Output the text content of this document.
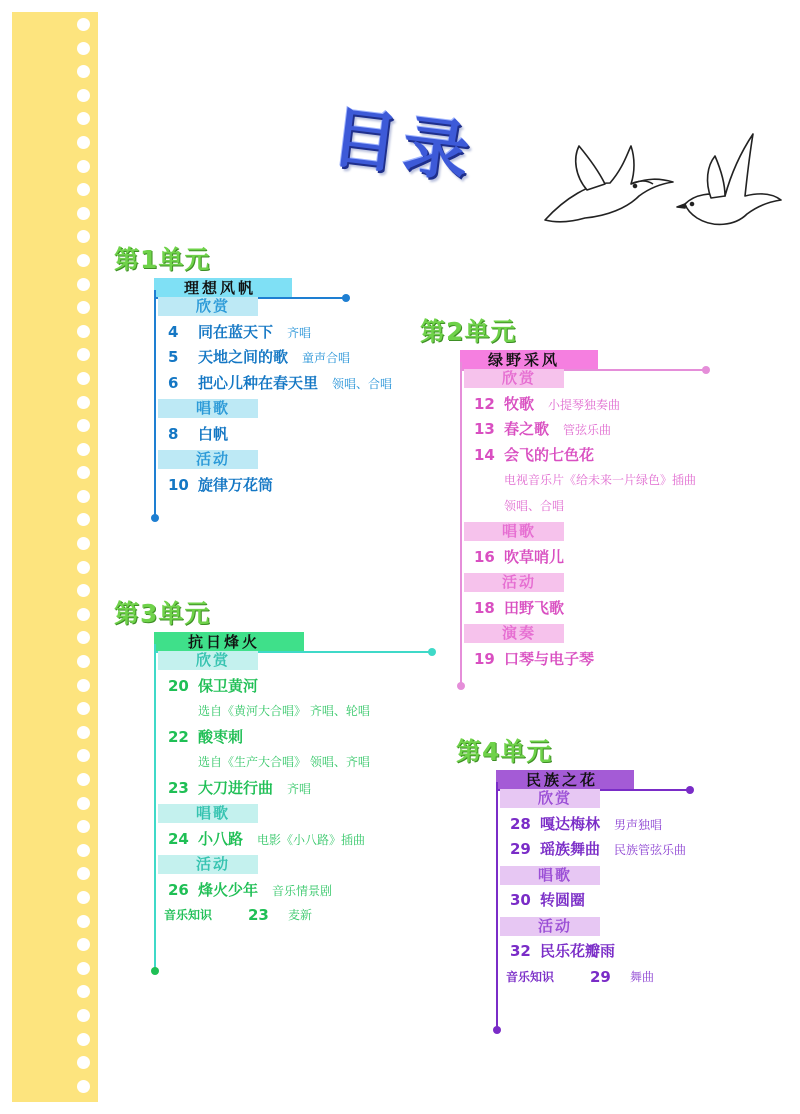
目录
第1单元
理想风帆
欣赏
4 同在蓝天下 齐唱
5 天地之间的歌 童声合唱
6 把心儿种在春天里 领唱、合唱
唱歌
8 白帆
活动
10 旋律万花筒
第2单元
绿野采风
欣赏
12 牧歌 小提琴独奏曲
13 春之歌 管弦乐曲
14 会飞的七色花
电视音乐片《给未来一片绿色》插曲
领唱、合唱
唱歌
16 吹草哨儿
活动
18 田野飞歌
演奏
19 口琴与电子琴
第3单元
抗日烽火
欣赏
20 保卫黄河
选自《黄河大合唱》 齐唱、轮唱
22 酸枣刺
选自《生产大合唱》 领唱、齐唱
23 大刀进行曲 齐唱
唱歌
24 小八路 电影《小八路》插曲
活动
26 烽火少年 音乐情景剧
音乐知识 23 麦新
第4单元
民族之花
欣赏
28 嘎达梅林 男声独唱
29 瑶族舞曲 民族管弦乐曲
唱歌
30 转圆圈
活动
32 民乐花瓣雨
音乐知识 29 舞曲
